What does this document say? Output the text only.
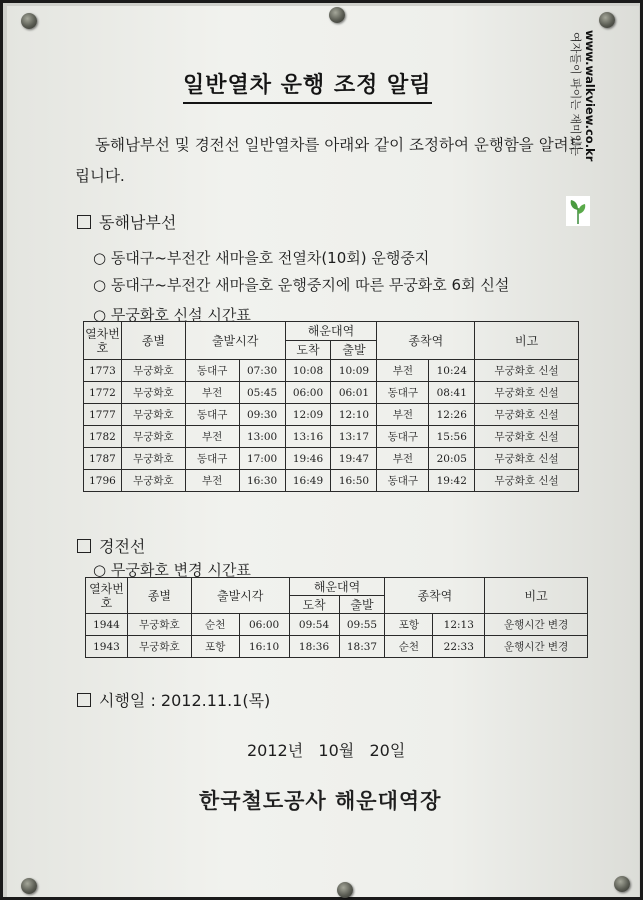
일반열차 운행 조정 알림
동해남부선 및 경전선 일반열차를 아래와 같이 조정하여 운행함을 알려드립니다.
동해남부선
○ 동대구~부전간 새마을호 전열차(10회) 운행중지
○ 동대구~부전간 새마을호 운행중지에 따른 무궁화호 6회 신설
○ 무궁화호 신설 시간표
열차번호	종별	출발시각		해운대역		종착역		비고
				도착	출발			
1773	무궁화호	동대구	07:30	10:08	10:09	부전	10:24	무궁화호 신설
1772	무궁화호	부전	05:45	06:00	06:01	동대구	08:41	무궁화호 신설
1777	무궁화호	동대구	09:30	12:09	12:10	부전	12:26	무궁화호 신설
1782	무궁화호	부전	13:00	13:16	13:17	동대구	15:56	무궁화호 신설
1787	무궁화호	동대구	17:00	19:46	19:47	부전	20:05	무궁화호 신설
1796	무궁화호	부전	16:30	16:49	16:50	동대구	19:42	무궁화호 신설
경전선
○ 무궁화호 변경 시간표
열차번호	종별	출발시각		해운대역		종착역		비고
				도착	출발			
1944	무궁화호	순천	06:00	09:54	09:55	포항	12:13	운행시간 변경
1943	무궁화호	포항	16:10	18:36	18:37	순천	22:33	운행시간 변경
시행일 : 2012.11.1(목)
2012년   10월   20일
한국철도공사 해운대역장
여자들이 파이는 재미있는 www.walkview.co.kr
